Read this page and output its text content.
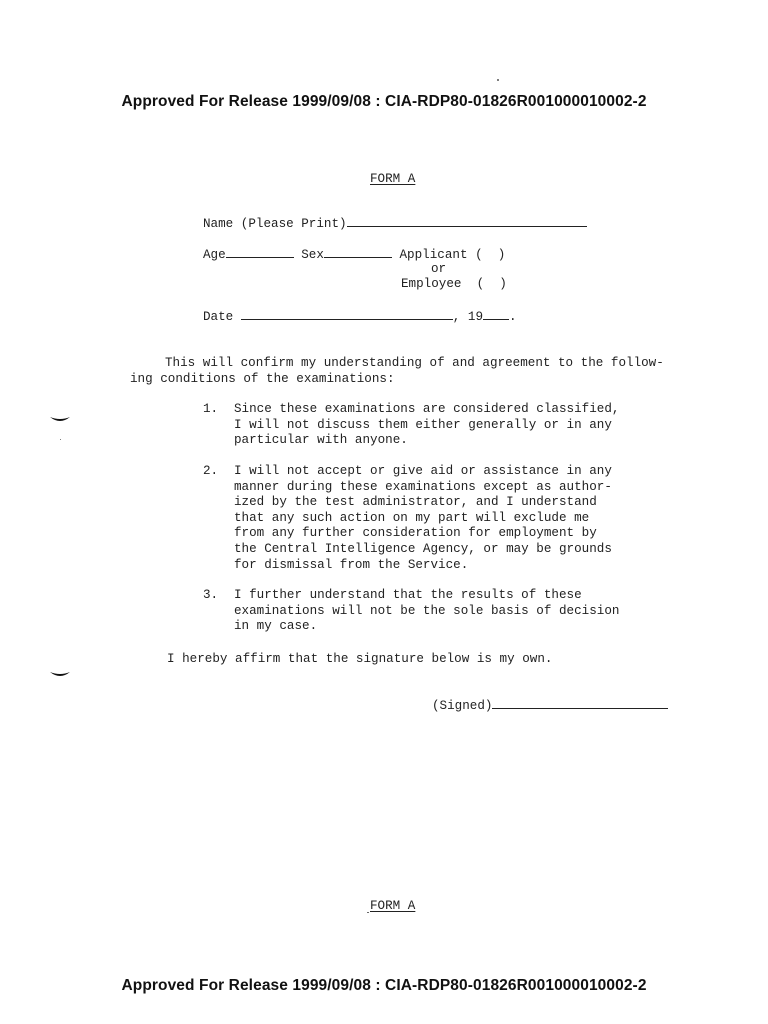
Approved For Release 1999/09/08 : CIA-RDP80-01826R001000010002-2
FORM A
Name (Please Print)
Age	Sex	Applicant (  )
or
Employee  (  )
Date	, 19 .
This will confirm my understanding of and agreement to the follow-
ing conditions of the examinations:
1. Since these examinations are considered classified,
I will not discuss them either generally or in any
particular with anyone.
2. I will not accept or give aid or assistance in any
manner during these examinations except as author-
ized by the test administrator, and I understand
that any such action on my part will exclude me
from any further consideration for employment by
the Central Intelligence Agency, or may be grounds
for dismissal from the Service.
3. I further understand that the results of these
examinations will not be the sole basis of decision
in my case.
I hereby affirm that the signature below is my own.
(Signed)
FORM A
Approved For Release 1999/09/08 : CIA-RDP80-01826R001000010002-2
